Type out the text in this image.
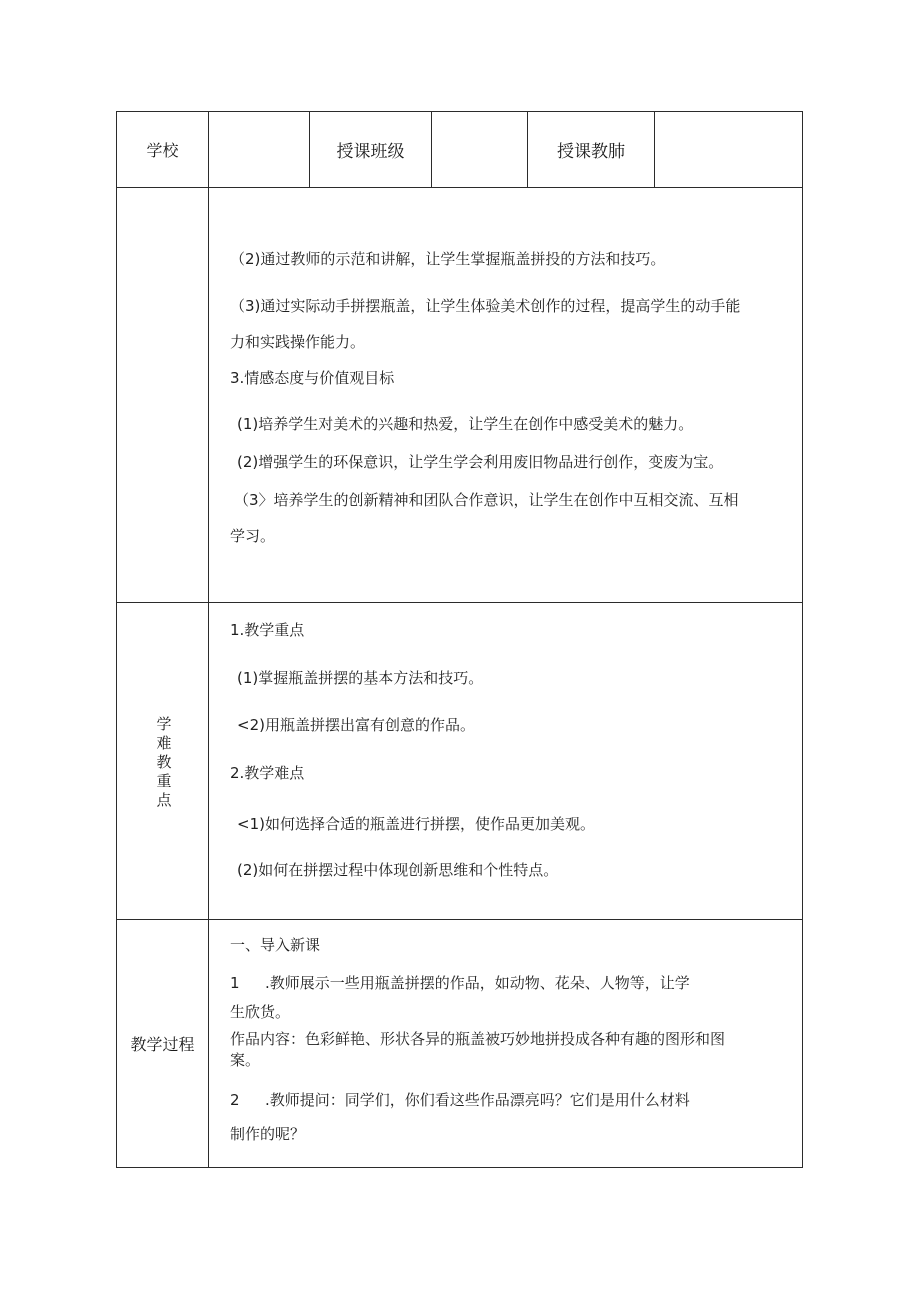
学校	授课班级	授课教肺
（2)通过教师的示范和讲解，让学生掌握瓶盖拼投的方法和技巧。
（3)通过实际动手拼摆瓶盖，让学生体验美术创作的过程，提高学生的动手能
力和实践操作能力。
3.情感态度与价值观目标
(1)培养学生对美术的兴趣和热爱，让学生在创作中感受美术的魅力。
(2)增强学生的环保意识，让学生学会利用废旧物品进行创作，变废为宝。
（3〉培养学生的创新精神和团队合作意识，让学生在创作中互相交流、互相
学习。
学
难
教
重
点
1.教学重点
(1)掌握瓶盖拼摆的基本方法和技巧。
<2)用瓶盖拼摆出富有创意的作品。
2.教学难点
<1)如何选择合适的瓶盖进行拼摆，使作品更加美观。
(2)如何在拼摆过程中体现创新思维和个性特点。
教学过程
一、导入新课
1 .教师展示一些用瓶盖拼摆的作品，如动物、花朵、人物等，让学
生欣货。
作品内容：色彩鲜艳、形状各异的瓶盖被巧妙地拼投成各种有趣的图形和图
案。
2 .教师提问：同学们，你们看这些作品漂亮吗？它们是用什么材料
制作的呢？
